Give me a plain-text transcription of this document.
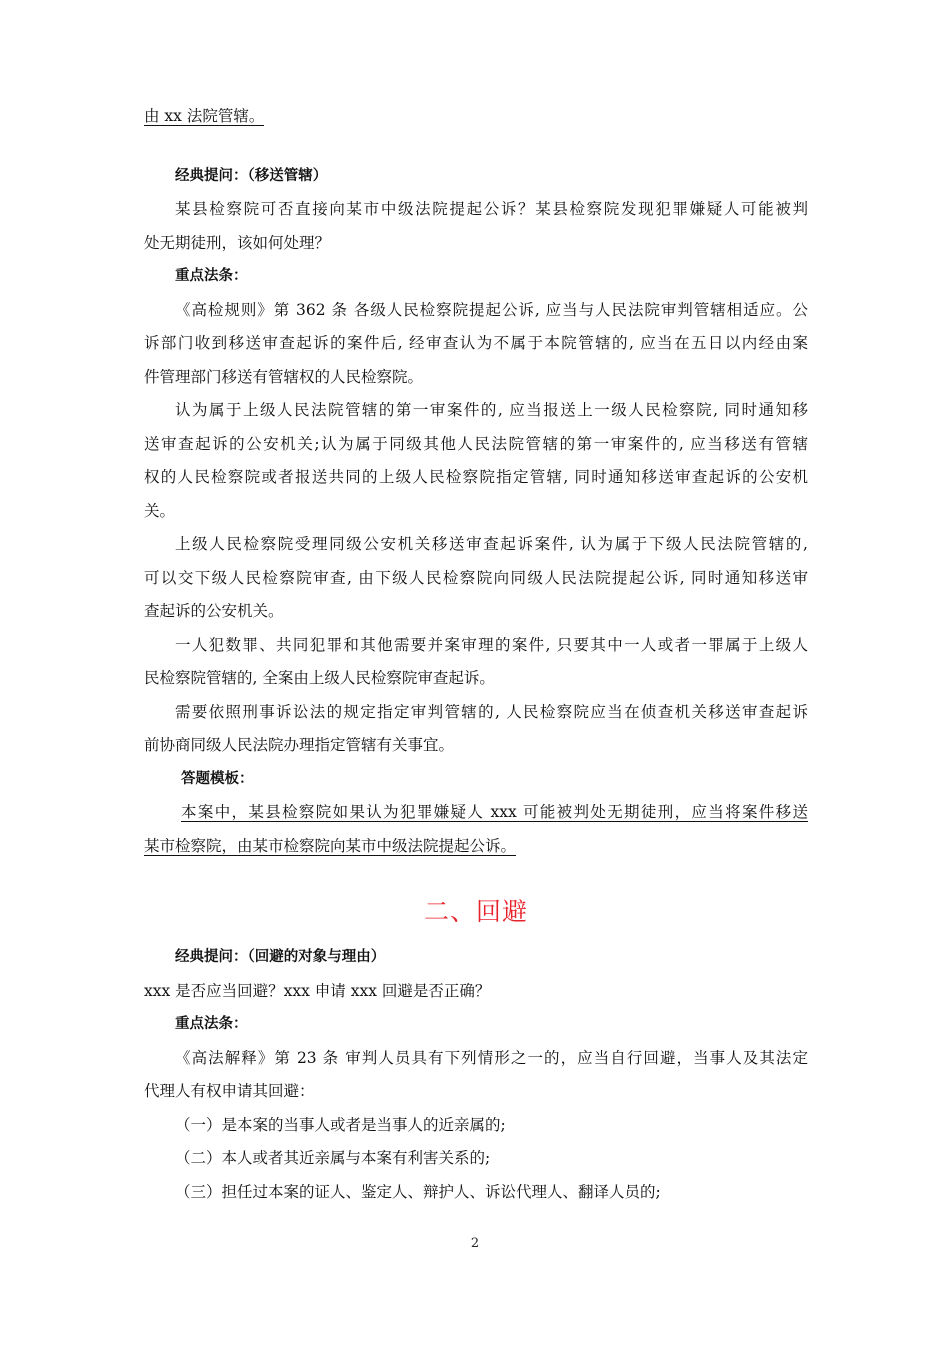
由 xx 法院管辖。
经典提问：（移送管辖）
某县检察院可否直接向某市中级法院提起公诉？某县检察院发现犯罪嫌疑人可能被判
处无期徒刑，该如何处理？
重点法条：
《高检规则》第 362 条 各级人民检察院提起公诉, 应当与人民法院审判管辖相适应。公
诉部门收到移送审查起诉的案件后, 经审查认为不属于本院管辖的, 应当在五日以内经由案
件管理部门移送有管辖权的人民检察院。
认为属于上级人民法院管辖的第一审案件的, 应当报送上一级人民检察院, 同时通知移
送审查起诉的公安机关;认为属于同级其他人民法院管辖的第一审案件的, 应当移送有管辖
权的人民检察院或者报送共同的上级人民检察院指定管辖, 同时通知移送审查起诉的公安机
关。
上级人民检察院受理同级公安机关移送审查起诉案件, 认为属于下级人民法院管辖的,
可以交下级人民检察院审查, 由下级人民检察院向同级人民法院提起公诉, 同时通知移送审
查起诉的公安机关。
一人犯数罪、共同犯罪和其他需要并案审理的案件, 只要其中一人或者一罪属于上级人
民检察院管辖的, 全案由上级人民检察院审查起诉。
需要依照刑事诉讼法的规定指定审判管辖的, 人民检察院应当在侦查机关移送审查起诉
前协商同级人民法院办理指定管辖有关事宜。
答题模板：
本案中，某县检察院如果认为犯罪嫌疑人 xxx 可能被判处无期徒刑，应当将案件移送
某市检察院，由某市检察院向某市中级法院提起公诉。
二、回避
经典提问：（回避的对象与理由）
xxx 是否应当回避？xxx 申请 xxx 回避是否正确？
重点法条：
《高法解释》第 23 条 审判人员具有下列情形之一的，应当自行回避，当事人及其法定
代理人有权申请其回避：
（一）是本案的当事人或者是当事人的近亲属的;
（二）本人或者其近亲属与本案有利害关系的;
（三）担任过本案的证人、鉴定人、辩护人、诉讼代理人、翻译人员的;
2
